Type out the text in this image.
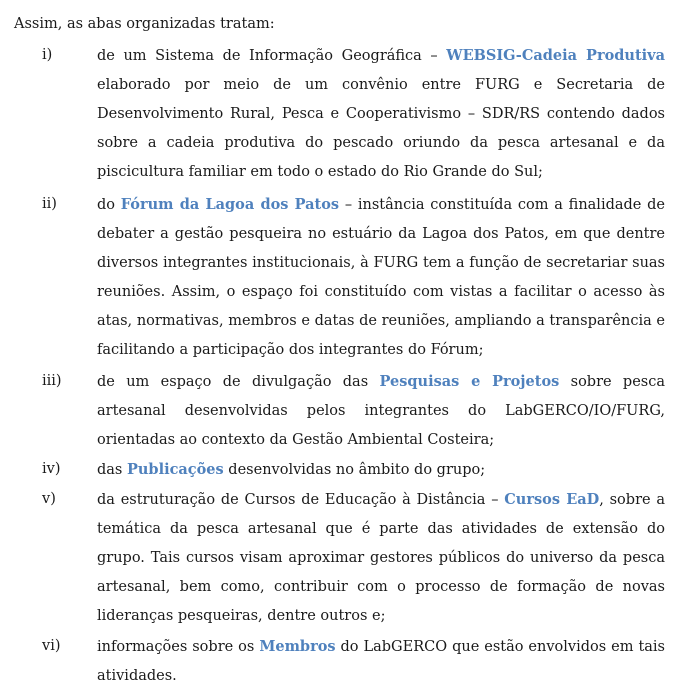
Assim, as abas organizadas tratam:
i)	de um Sistema de Informação Geográfica – WEBSIG-Cadeia Produtiva elaborado por meio de um convênio entre FURG e Secretaria de Desenvolvimento Rural, Pesca e Cooperativismo – SDR/RS contendo dados sobre a cadeia produtiva do pescado oriundo da pesca artesanal e da piscicultura familiar em todo o estado do Rio Grande do Sul;
ii)	do Fórum da Lagoa dos Patos – instância constituída com a finalidade de debater a gestão pesqueira no estuário da Lagoa dos Patos, em que dentre diversos integrantes institucionais, à FURG tem a função de secretariar suas reuniões. Assim, o espaço foi constituído com vistas a facilitar o acesso às atas, normativas, membros e datas de reuniões, ampliando a transparência e facilitando a participação dos integrantes do Fórum;
iii) de um espaço de divulgação das Pesquisas e Projetos sobre pesca artesanal desenvolvidas pelos integrantes do LabGERCO/IO/FURG, orientadas ao contexto da Gestão Ambiental Costeira;
iv)	das Publicações desenvolvidas no âmbito do grupo;
v)	da estruturação de Cursos de Educação à Distância – Cursos EaD, sobre a temática da pesca artesanal que é parte das atividades de extensão do grupo. Tais cursos visam aproximar gestores públicos do universo da pesca artesanal, bem como, contribuir com o processo de formação de novas lideranças pesqueiras, dentre outros e;
vi)	informações sobre os Membros do LabGERCO que estão envolvidos em tais atividades.
